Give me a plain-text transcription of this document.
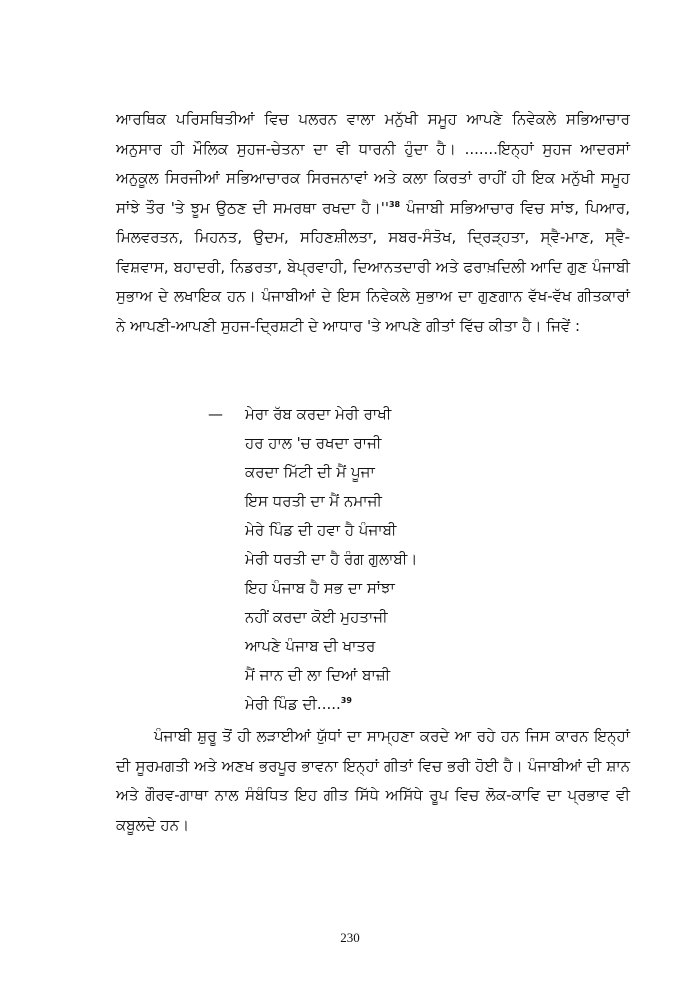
ਆਰਥਿਕ ਪਰਿਸਥਿਤੀਆਂ ਵਿਚ ਪਲਰਨ ਵਾਲਾ ਮਨੁੱਖੀ ਸਮੂਹ ਆਪਣੇ ਨਿਵੇਕਲੇ ਸਭਿਆਚਾਰ ਅਨੁਸਾਰ ਹੀ ਮੌਲਿਕ ਸੁਹਜ-ਚੇਤਨਾ ਦਾ ਵੀ ਧਾਰਨੀ ਹੁੰਦਾ ਹੈ। .......ਇਨ੍ਹਾਂ ਸੁਹਜ ਆਦਰਸਾਂ ਅਨੁਕੂਲ ਸਿਰਜੀਆਂ ਸਭਿਆਚਾਰਕ ਸਿਰਜਨਾਵਾਂ ਅਤੇ ਕਲਾ ਕਿਰਤਾਂ ਰਾਹੀਂ ਹੀ ਇਕ ਮਨੁੱਖੀ ਸਮੂਹ ਸਾਂਝੇ ਤੌਰ 'ਤੇ ਝੂਮ ਉਠਣ ਦੀ ਸਮਰਥਾ ਰਖਦਾ $ਹੈ।''^{38}$ ਪੰਜਾਬੀ ਸਭਿਆਚਾਰ ਵਿਚ ਸਾਂਝ, ਪਿਆਰ, ਮਿਲਵਰਤਨ, ਮਿਹਨਤ, ਉਦਮ, ਸਹਿਣਸ਼ੀਲਤਾ, ਸਬਰ-ਸੰਤੋਖ, ਦ੍ਰਿੜ੍ਹਤਾ, ਸ੍ਵੈ-ਮਾਣ, ਸ੍ਵੈ-ਵਿਸ਼ਵਾਸ, ਬਹਾਦਰੀ, ਨਿਡਰਤਾ, ਬੇਪ੍ਰਵਾਹੀ, ਦਿਆਨਤਦਾਰੀ ਅਤੇ ਫਰਾਖ਼ਦਿਲੀ ਆਦਿ ਗੁਣ ਪੰਜਾਬੀ ਸੁਭਾਅ ਦੇ ਲਖਾਇਕ ਹਨ। ਪੰਜਾਬੀਆਂ ਦੇ ਇਸ ਨਿਵੇਕਲੇ ਸੁਭਾਅ ਦਾ ਗੁਣਗਾਨ ਵੱਖ-ਵੱਖ ਗੀਤਕਾਰਾਂ ਨੇ ਆਪਣੀ-ਆਪਣੀ ਸੁਹਜ-ਦ੍ਰਿਸ਼ਟੀ ਦੇ ਆਧਾਰ 'ਤੇ ਆਪਣੇ ਗੀਤਾਂ ਵਿੱਚ ਕੀਤਾ ਹੈ। ਜਿਵੇਂ :

— ਮੇਰਾ ਰੱਬ ਕਰਦਾ ਮੇਰੀ ਰਾਖੀ
ਹਰ ਹਾਲ 'ਚ ਰਖਦਾ ਰਾਜੀ
ਕਰਦਾ ਮਿੱਟੀ ਦੀ ਮੈਂ ਪੂਜਾ
ਇਸ ਧਰਤੀ ਦਾ ਮੈਂ ਨਮਾਜੀ
ਮੇਰੇ ਪਿੰਡ ਦੀ ਹਵਾ ਹੈ ਪੰਜਾਬੀ
ਮੇਰੀ ਧਰਤੀ ਦਾ ਹੈ ਰੰਗ ਗੁਲਾਬੀ।
ਇਹ ਪੰਜਾਬ ਹੈ ਸਭ ਦਾ ਸਾਂਝਾ
ਨਹੀਂ ਕਰਦਾ ਕੋਈ ਮੁਹਤਾਜੀ
ਆਪਣੇ ਪੰਜਾਬ ਦੀ ਖਾਤਰ
ਮੈਂ ਜਾਨ ਦੀ ਲਾ ਦਿਆਂ ਬਾਜ਼ੀ
ਮੇਰੀ ਪਿੰਡ ਦੀ.....$^{39}$

ਪੰਜਾਬੀ ਸ਼ੁਰੂ ਤੋਂ ਹੀ ਲੜਾਈਆਂ ਯੁੱਧਾਂ ਦਾ ਸਾਮ੍ਹਣਾ ਕਰਦੇ ਆ ਰਹੇ ਹਨ ਜਿਸ ਕਾਰਨ ਇਨ੍ਹਾਂ ਦੀ ਸੂਰਮਗਤੀ ਅਤੇ ਅਣਖ ਭਰਪੂਰ ਭਾਵਨਾ ਇਨ੍ਹਾਂ ਗੀਤਾਂ ਵਿਚ ਭਰੀ ਹੋਈ ਹੈ। ਪੰਜਾਬੀਆਂ ਦੀ ਸ਼ਾਨ ਅਤੇ ਗੌਰਵ-ਗਾਥਾ ਨਾਲ ਸੰਬੰਧਿਤ ਇਹ ਗੀਤ ਸਿੱਧੇ ਅਸਿੱਧੇ ਰੂਪ ਵਿਚ ਲੋਕ-ਕਾਵਿ ਦਾ ਪ੍ਰਭਾਵ ਵੀ ਕਬੂਲਦੇ ਹਨ।

230
